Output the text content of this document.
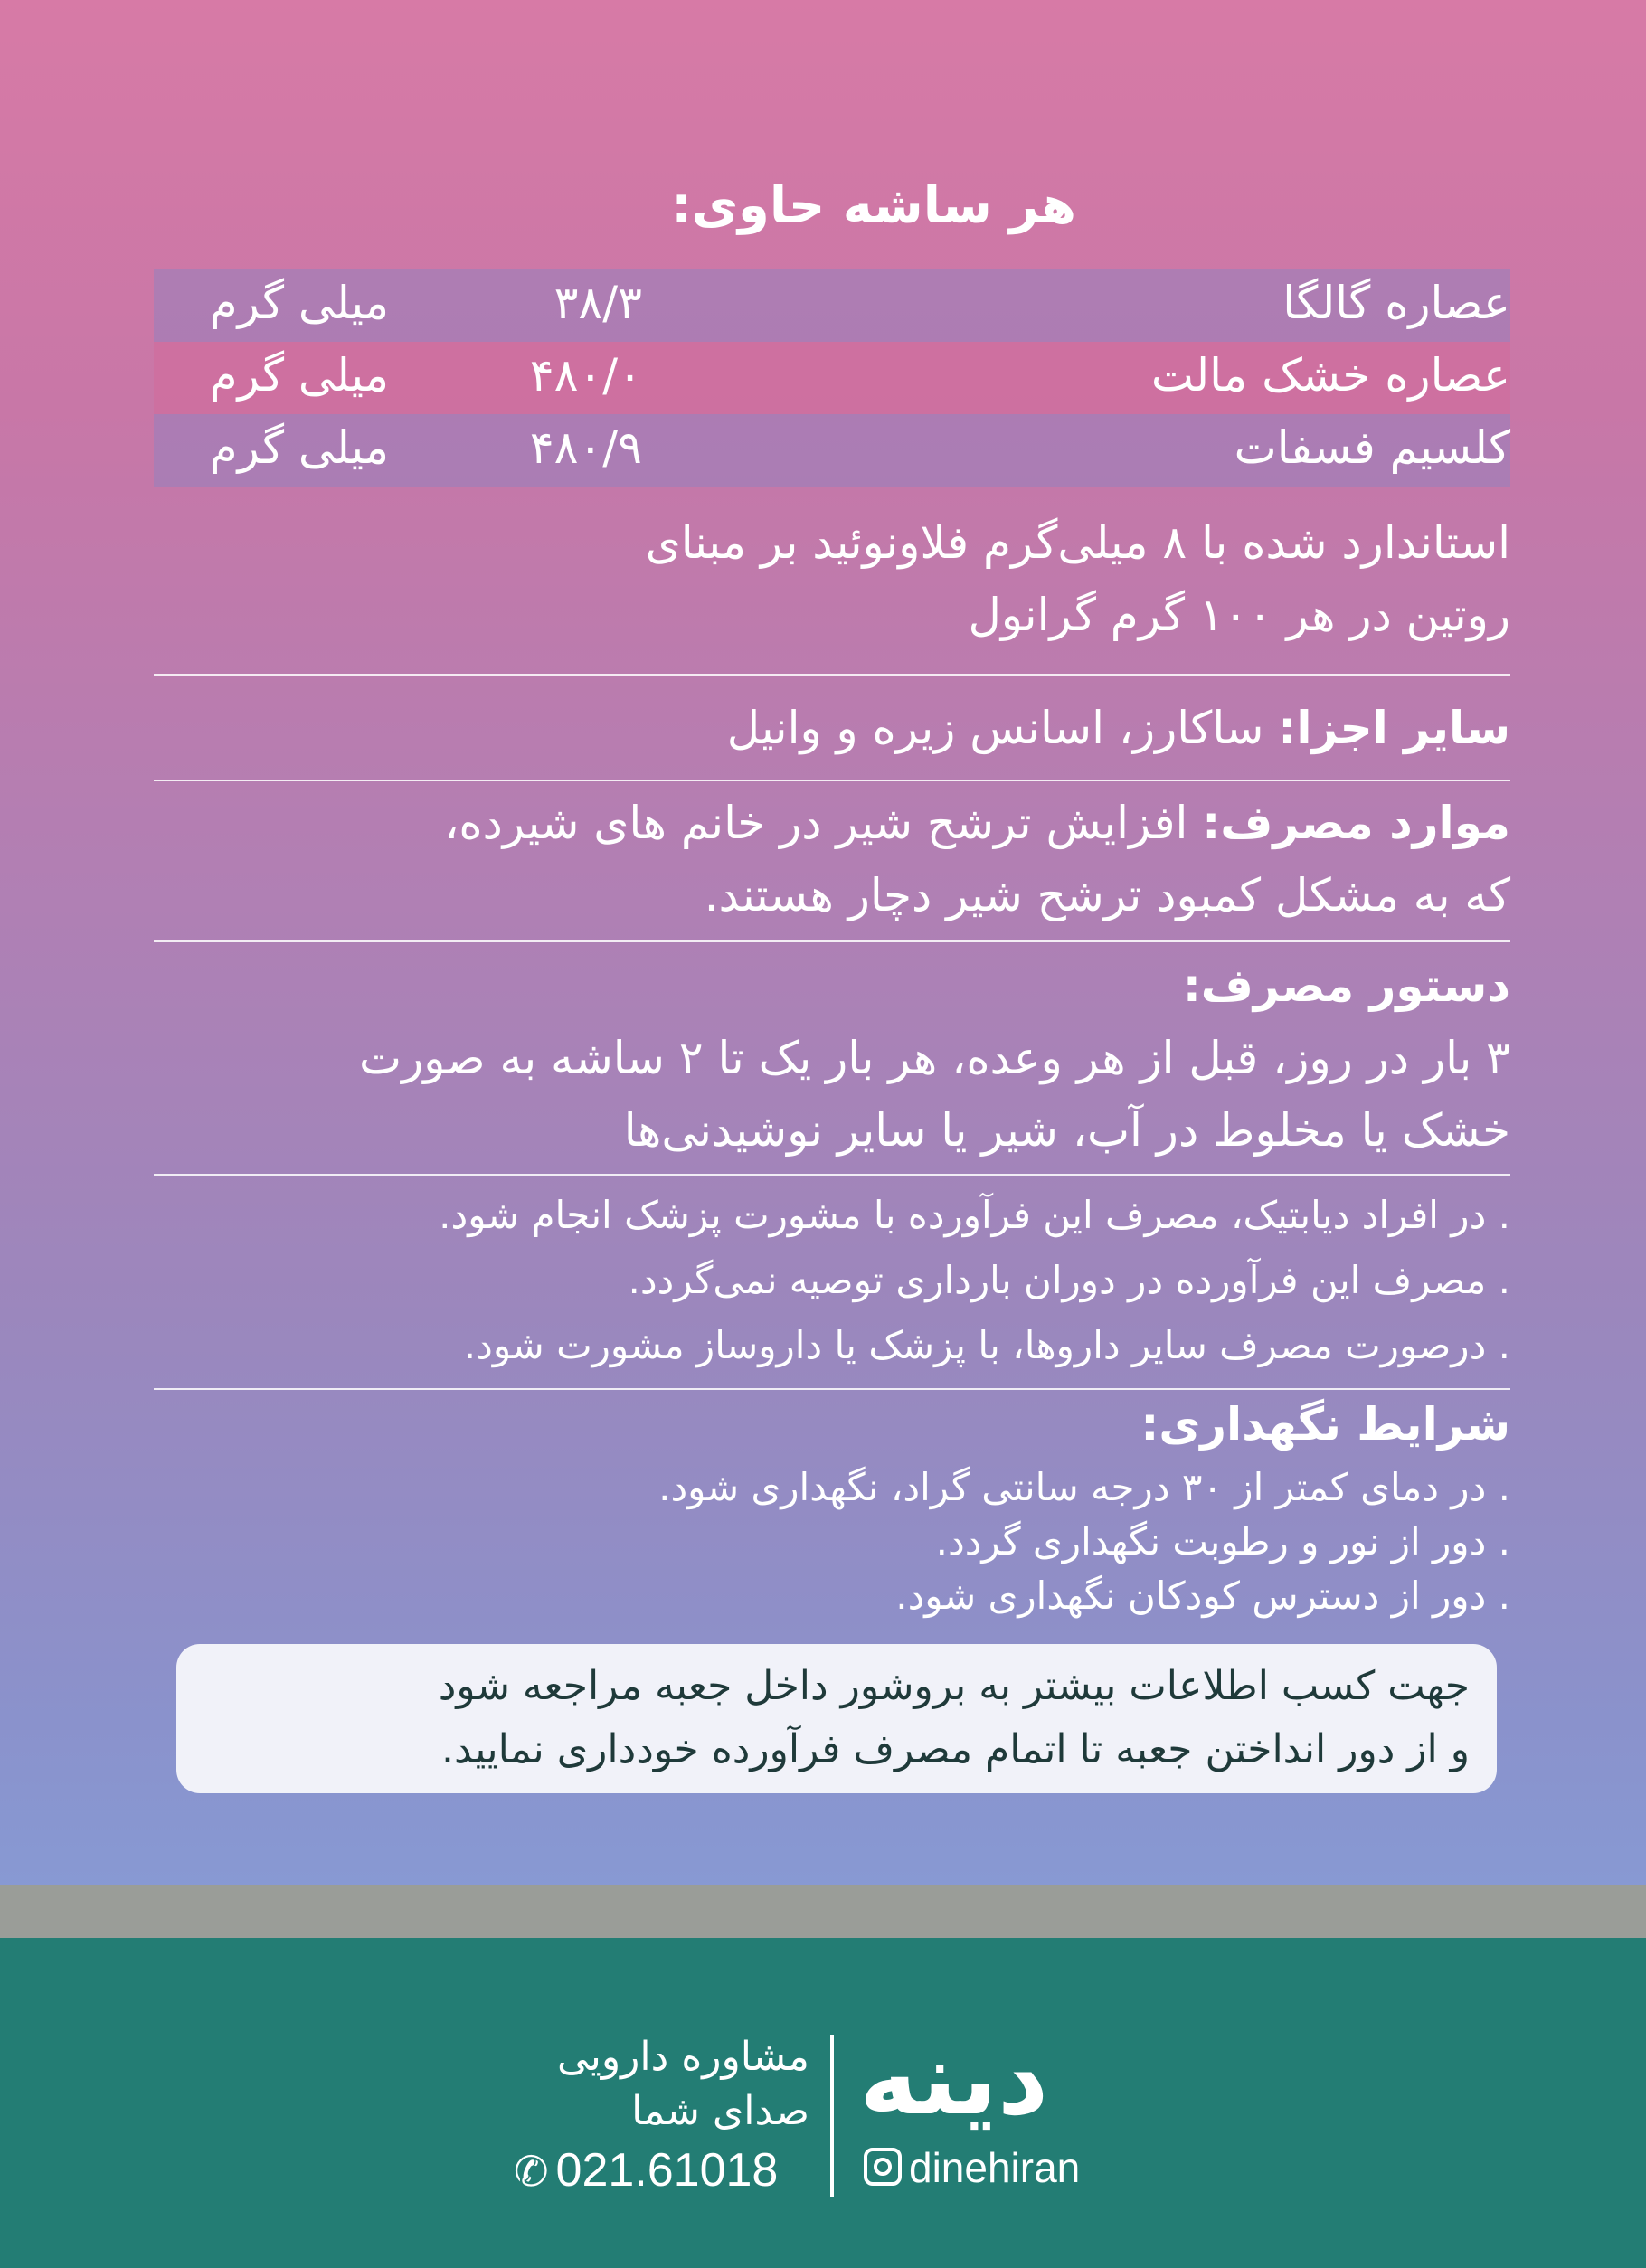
هر ساشه حاوی:
عصاره گالگا
۳۸/۳
میلی گرم
عصاره خشک مالت
۴۸۰/۰
میلی گرم
کلسیم فسفات
۴۸۰/۹
میلی گرم
استاندارد شده با ۸ میلی‌گرم فلاونوئید بر مبنای
روتین در هر ۱۰۰ گرم گرانول
سایر اجزا: ساکارز، اسانس زیره و وانیل
موارد مصرف: افزایش ترشح شیر در خانم های شیرده،
که به مشکل کمبود ترشح شیر دچار هستند.
دستور مصرف:
۳ بار در روز، قبل از هر وعده، هر بار یک تا ۲ ساشه به صورت
خشک یا مخلوط در آب، شیر یا سایر نوشیدنی‌ها
. در افراد دیابتیک، مصرف این فرآورده با مشورت پزشک انجام شود.
. مصرف این فرآورده در دوران بارداری توصیه نمی‌گردد.
. درصورت مصرف سایر داروها، با پزشک یا داروساز مشورت شود.
شرایط نگهداری:
. در دمای کمتر از ۳۰ درجه سانتی گراد، نگهداری شود.
. دور از نور و رطوبت نگهداری گردد.
. دور از دسترس کودکان نگهداری شود.
جهت کسب اطلاعات بیشتر به بروشور داخل جعبه مراجعه شود
و از دور انداختن جعبه تا اتمام مصرف فرآورده خودداری نمایید.
دینه
dinehiran
مشاوره دارویی
صدای شما
✆ 021.61018
